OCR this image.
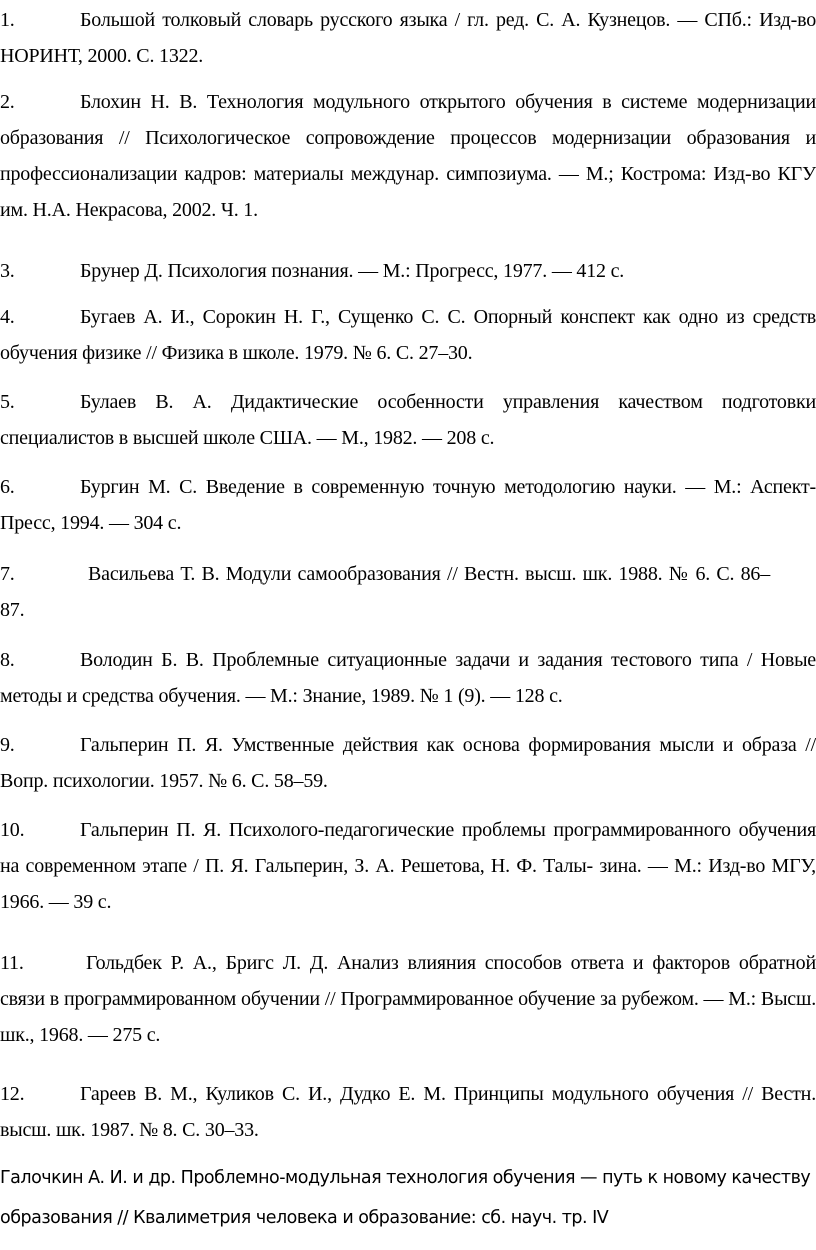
1.	Большой толковый словарь русского языка / гл. ред. С. А. Кузнецов. — СПб.: Изд-во НОРИНТ, 2000. С. 1322.

2.	Блохин Н. В. Технология модульного открытого обучения в системе модернизации образования // Психологическое сопровождение процессов модернизации образования и профессионализации кадров: материалы междунар. симпозиума. — М.; Кострома: Изд-во КГУ им. Н.А. Некрасова, 2002. Ч. 1.

3.	Брунер Д. Психология познания. — М.: Прогресс, 1977. — 412 с.

4.	Бугаев А. И., Сорокин Н. Г., Сущенко С. С. Опорный конспект как одно из средств обучения физике // Физика в школе. 1979. № 6. С. 27–30.

5.	Булаев В. А. Дидактические особенности управления качеством подготовки специалистов в высшей школе США. — М., 1982. — 208 с.

6.	Бургин М. С. Введение в современную точную методологию науки. — М.: Аспект-Пресс, 1994. — 304 с.

7.	Васильева Т. В. Модули самообразования // Вестн. высш. шк. 1988. № 6. С. 86–87.

8.	Володин Б. В. Проблемные ситуационные задачи и задания тестового типа / Новые методы и средства обучения. — М.: Знание, 1989. № 1 (9). — 128 с.

9.	Гальперин П. Я. Умственные действия как основа формирования мысли и образа // Вопр. психологии. 1957. № 6. С. 58–59.

10.	Гальперин П. Я. Психолого-педагогические проблемы программированного обучения на современном этапе / П. Я. Гальперин, З. А. Решетова, Н. Ф. Талы- зина. — М.: Изд-во МГУ, 1966. — 39 с.

11.	Гольдбек Р. А., Бригс Л. Д. Анализ влияния способов ответа и факторов обратной связи в программированном обучении // Программированное обучение за рубежом. — М.: Высш. шк., 1968. — 275 с.

12.	Гареев В. М., Куликов С. И., Дудко Е. М. Принципы модульного обучения // Вестн. высш. шк. 1987. № 8. С. 30–33.

Галочкин А. И. и др. Проблемно-модульная технология обучения — путь к новому качеству образования // Квалиметрия человека и образование: сб. науч. тр. IV
